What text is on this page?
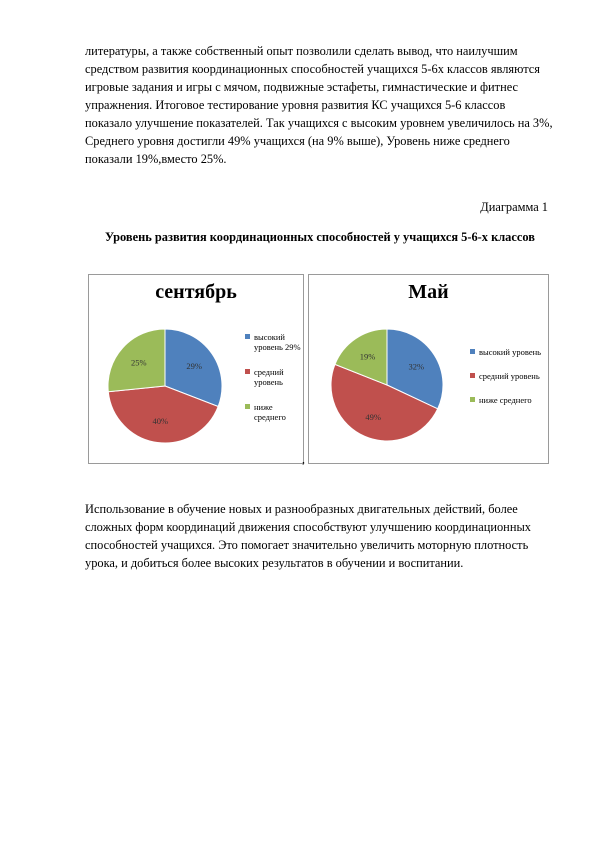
литературы, а также собственный опыт позволили сделать вывод, что наилучшим средством развития координационных способностей учащихся 5-6х классов являются игровые задания и игры с мячом, подвижные эстафеты, гимнастические и фитнес упражнения. Итоговое тестирование уровня развития КС учащихся 5-6 классов показало улучшение показателей. Так учащихся с высоким уровнем увеличилось на 3%, Среднего уровня достигли 49% учащихся (на 9% выше), Уровень ниже среднего показали 19%,вместо 25%.

Диаграмма 1
Уровень развития координационных способностей у учащихся 5-6-х классов
сентябрь
29%
40%
25%
высокий уровень 29%
средний уровень
ниже среднего
,
Май
32%
49%
19%	высокий уровень
средний уровень
ниже среднего

Использование в обучение новых и разнообразных двигательных действий, более сложных форм координаций движения способствуют улучшению координационных способностей учащихся. Это помогает значительно увеличить моторную плотность урока, и добиться более высоких результатов в обучении и воспитании.
